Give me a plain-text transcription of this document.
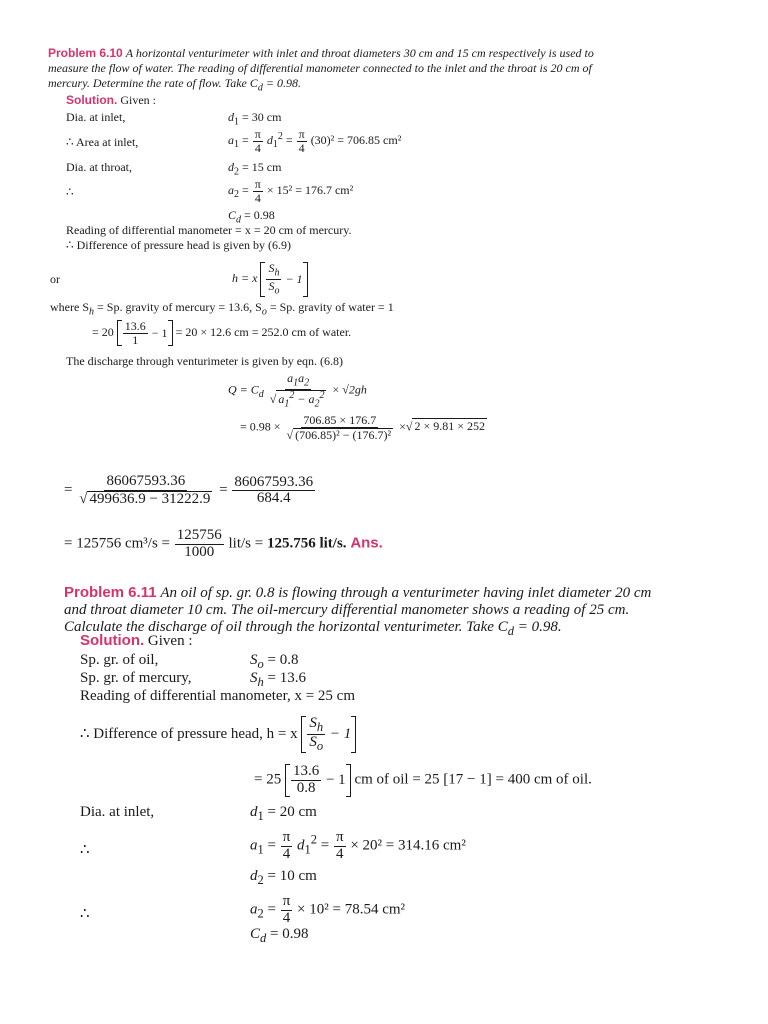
Problem 6.10 A horizontal venturimeter with inlet and throat diameters 30 cm and 15 cm respectively is used to measure the flow of water. The reading of differential manometer connected to the inlet and the throat is 20 cm of mercury. Determine the rate of flow. Take $C_d = 0.98$.
Solution. Given :
Dia. at inlet,	$d_1 = 30$ cm
∴ Area at inlet,	$a_1 = \frac{\pi}{4} d_1^2 = \frac{\pi}{4} (30)^2 = 706.85$ cm²
Dia. at throat,	$d_2 = 15$ cm
∴	$a_2 = \frac{\pi}{4} \times 15^2 = 176.7$ cm²
$C_d = 0.98$
Reading of differential manometer = x = 20 cm of mercury.
∴ Difference of pressure head is given by (6.9)
or	h = x $\frac{S_h}{S_o} - 1$
where $S_h = Sp$. gravity of mercury = 13.6, $S_o = Sp$. gravity of water = 1
= $20 \frac{13.6}{1} - 1 = 20 \times 12.6$ cm = 252.0 cm of water.
The discharge through venturimeter is given by eqn. (6.8)
$Q = C_d \frac{a_1a_2}{√ a_1^2 - a_2^2} \times √2gh$
= $0.98 \times \frac{706.85 \times 176.7}{\text{√ (706.85)² − (176.7)²}}$ ×√ 2 × 9.81 × 252
= $\frac{86067593.36}{√ 499636.9 - 31222.9} = \frac{86067593.36}{684.4}$
= 125756 $cm^3/s = \frac{125756}{1000} lit/s = 125.756$ lit/s. Ans.
Problem 6.11 An oil of sp. gr. 0.8 is flowing through a venturimeter having inlet diameter 20 cm and throat diameter 10 cm. The oil-mercury differential manometer shows a reading of 25 cm. Calculate the discharge of oil through the horizontal venturimeter. Take $C_d = 0.98$.
Solution. Given :
Sp. gr. of oil,	$S_o = 0.8$
Sp. gr. of mercury,	$S_h = 13.6$
Reading of differential manometer, x = 25 cm
∴ Difference of pressure head, h = x $\frac{S_h}{S_o} - 1$
= $25 \frac{13.6}{0.8} - 1$ cm of oil = 25 [17 − 1] = 400 cm of oil.
Dia. at inlet,	$d_1 = 20$ cm
∴	$a_1 = \frac{\pi}{4} d_1^2 = \frac{\pi}{4} \times 20^2 = 314.16$ cm²
$d_2 = 10$ cm
∴	$a_2 = \frac{\pi}{4} \times 10^2 = 78.54$ cm²
$C_d = 0.98$
